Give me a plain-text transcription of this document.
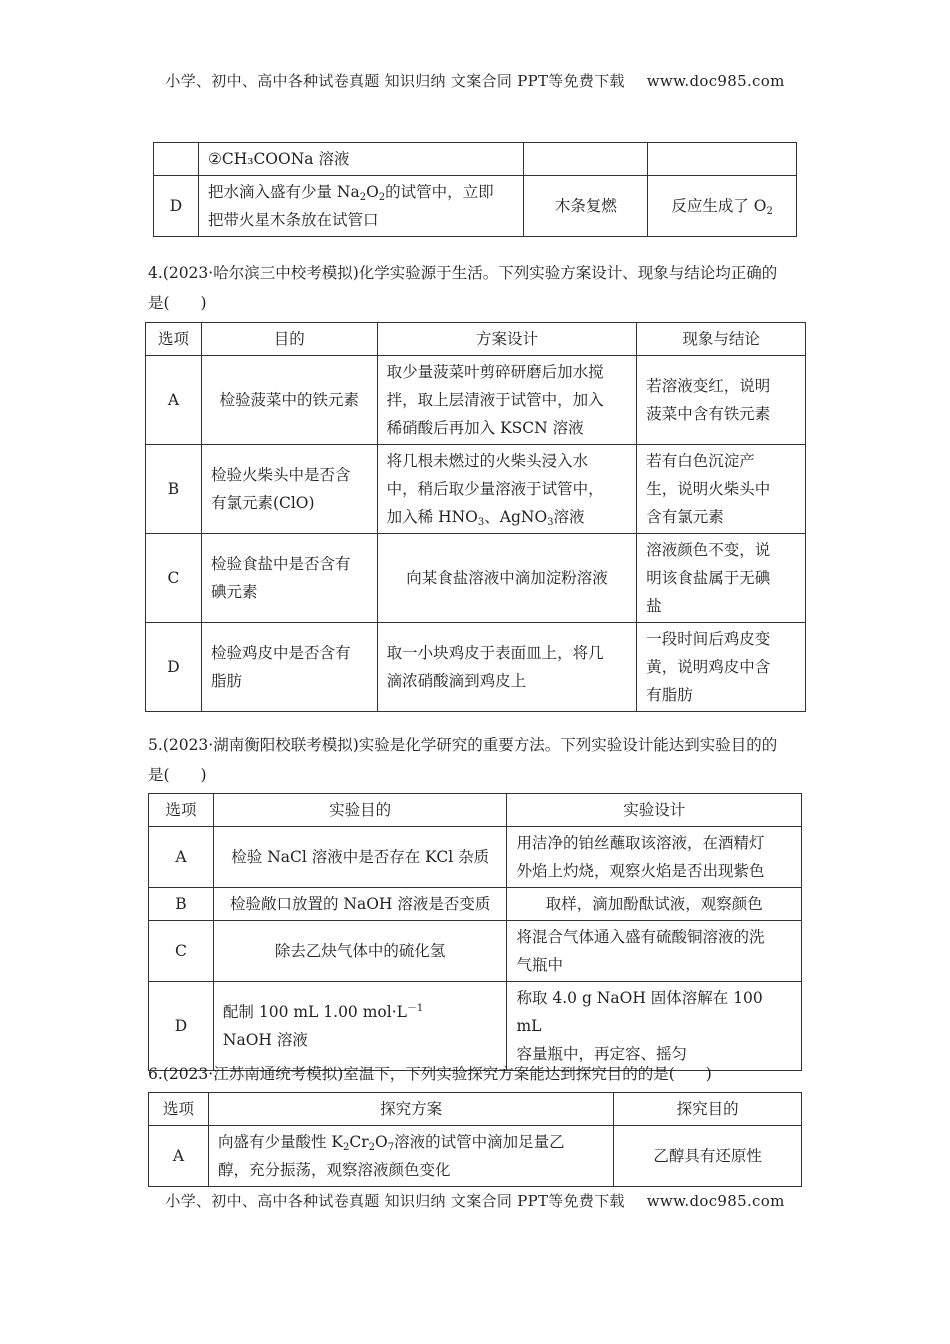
小学、初中、高中各种试卷真题 知识归纳 文案合同 PPT等免费下载 www.doc985.com
	②CH₃COONa 溶液		
D	把水滴入盛有少量 $Na_2O_2$的试管中，立即
把带火星木条放在试管口	木条复燃	反应生成了 $O_2$
4.(2023·哈尔滨三中校考模拟)化学实验源于生活。下列实验方案设计、现象与结论均正确的
是(　　)
选项	目的	方案设计	现象与结论
A	检验菠菜中的铁元素	取少量菠菜叶剪碎研磨后加水搅
拌，取上层清液于试管中，加入
稀硝酸后再加入 KSCN 溶液	若溶液变红，说明
菠菜中含有铁元素
B	检验火柴头中是否含
有氯元素(ClO)	将几根未燃过的火柴头浸入水
中，稍后取少量溶液于试管中，
加入稀 $HNO_3$、AgNO$_3$溶液	若有白色沉淀产
生，说明火柴头中
含有氯元素
C	检验食盐中是否含有
碘元素	向某食盐溶液中滴加淀粉溶液	溶液颜色不变，说
明该食盐属于无碘
盐
D	检验鸡皮中是否含有
脂肪	取一小块鸡皮于表面皿上，将几
滴浓硝酸滴到鸡皮上	一段时间后鸡皮变
黄，说明鸡皮中含
有脂肪
5.(2023·湖南衡阳校联考模拟)实验是化学研究的重要方法。下列实验设计能达到实验目的的
是(　　)
选项	实验目的	实验设计
A	检验 NaCl 溶液中是否存在 KCl 杂质	用洁净的铂丝蘸取该溶液，在酒精灯
外焰上灼烧，观察火焰是否出现紫色
B	检验敞口放置的 NaOH 溶液是否变质	取样，滴加酚酞试液，观察颜色
C	除去乙炔气体中的硫化氢	将混合气体通入盛有硫酸铜溶液的洗
气瓶中
D	配制 100 mL 1.00 $mol\cdot L^{-1}$
NaOH 溶液	称取 4.0 g NaOH 固体溶解在 100 mL
容量瓶中，再定容、摇匀
6.(2023·江苏南通统考模拟)室温下，下列实验探究方案能达到探究目的的是(　　)
选项	探究方案	探究目的
A	向盛有少量酸性 $K_2Cr_2O_7$溶液的试管中滴加足量乙
醇，充分振荡，观察溶液颜色变化	乙醇具有还原性
小学、初中、高中各种试卷真题 知识归纳 文案合同 PPT等免费下载 www.doc985.com
